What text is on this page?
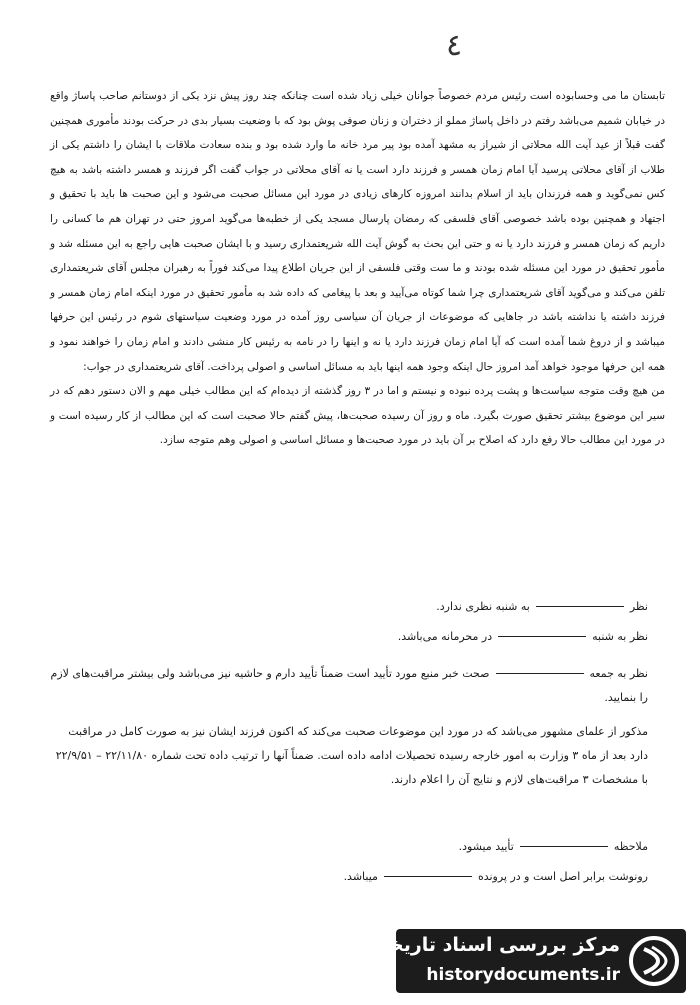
٤

تابستان ما می وحسابوده است رئیس مردم خصوصاً جوانان خیلی زیاد شده است چنانکه چند روز پیش نزد یکی از دوستانم صاحب پاساژ واقع در خیابان شمیم می‌باشد رفتم در داخل پاساژ مملو از دختران و زنان صوفی پوش بود که با وضعیت بسیار بدی در حرکت بودند مأموری همچنین گفت قبلاً از عید آیت الله محلاتی از شیراز به مشهد آمده بود پیر مرد خانه ما وارد شده بود و بنده سعادت ملاقات با ایشان را داشتم یکی از طلاب از آقای محلاتی پرسید آیا امام زمان همسر و فرزند دارد است یا نه آقای محلاتی در جواب گفت اگر فرزند و همسر داشته باشد به هیچ کس نمی‌گوید و همه فرزندان باید از اسلام بدانند امروزه کارهای زیادی در مورد این مسائل صحبت می‌شود و این صحبت ها باید با تحقیق و اجتهاد و همچنین بوده باشد خصوصی آقای فلسفی که رمضان پارسال مسجد یکی از خطبه‌ها می‌گوید امروز حتی در تهران هم ما کسانی را داریم که زمان همسر و فرزند دارد یا نه و حتی این بحث به گوش آیت الله شریعتمداری رسید و با ایشان صحبت هایی راجع به این مسئله شد و مأمور تحقیق در مورد این مسئله شده بودند و ما ست وقتی فلسفی از این جریان اطلاع پیدا می‌کند فوراً به رهبران مجلس آقای شریعتمداری تلفن می‌کند و می‌گوید آقای شریعتمداری چرا شما کوتاه می‌آیید و بعد با پیغامی که داده شد به مأمور تحقیق در مورد اینکه امام زمان همسر و فرزند داشته یا نداشته باشد در جاهایی که موضوعات از جریان آن سیاسی روز آمده در مورد وضعیت سیاستهای شوم در رئیس این حرفها میباشد و از دروغ شما آمده است که آیا امام زمان فرزند دارد یا نه و اینها را در نامه به رئیس کار منشی دادند و امام زمان را خواهند نمود و همه این حرفها موجود خواهد آمد امروز حال اینکه وجود همه اینها باید به مسائل اساسی و اصولی پرداخت. آقای شریعتمداری در جواب:

من هیچ وقت متوجه سیاست‌ها و پشت پرده نبوده و نیستم و اما در ۳ روز گذشته از دیده‌ام که این مطالب خیلی مهم و الان دستور دهم که در سیر این موضوع بیشتر تحقیق صورت بگیرد. ماه و روز آن رسیده صحبت‌ها، پیش گفتم حالا صحبت است که این مطالب از کار رسیده است و در مورد این مطالب حالا رفع دارد که اصلاح بر آن باید در مورد صحبت‌ها و مسائل اساسی و اصولی وهم متوجه سازد.

نظربه شنبه نظری ندارد.
نظر به شنبهدر محرمانه می‌باشد.
نظر به جمعهصحت خبر منبع مورد تأیید است ضمناً تأیید دارم و حاشیه نیز می‌باشد ولی بیشتر مراقبت‌های لازم را بنمایید.
مذکور از علمای مشهور می‌باشد که در مورد این موضوعات صحبت می‌کند که اکنون فرزند ایشان نیز به صورت کامل در مراقبت دارد بعد از ماه ۳ وزارت به امور خارجه رسیده تحصیلات ادامه داده است. ضمناً آنها را ترتیب داده تحت شماره ۲۲/۱۱/۸۰ – ۲۲/۹/۵۱ با مشخصات ۳ مراقبت‌های لازم و نتایج آن را اعلام دارند.
ملاحظهتأیید میشود.
رونوشت برابر اصل است و در پروندهمیباشد.
مرکز بررسی اسناد تاریخی
historydocuments.ir
